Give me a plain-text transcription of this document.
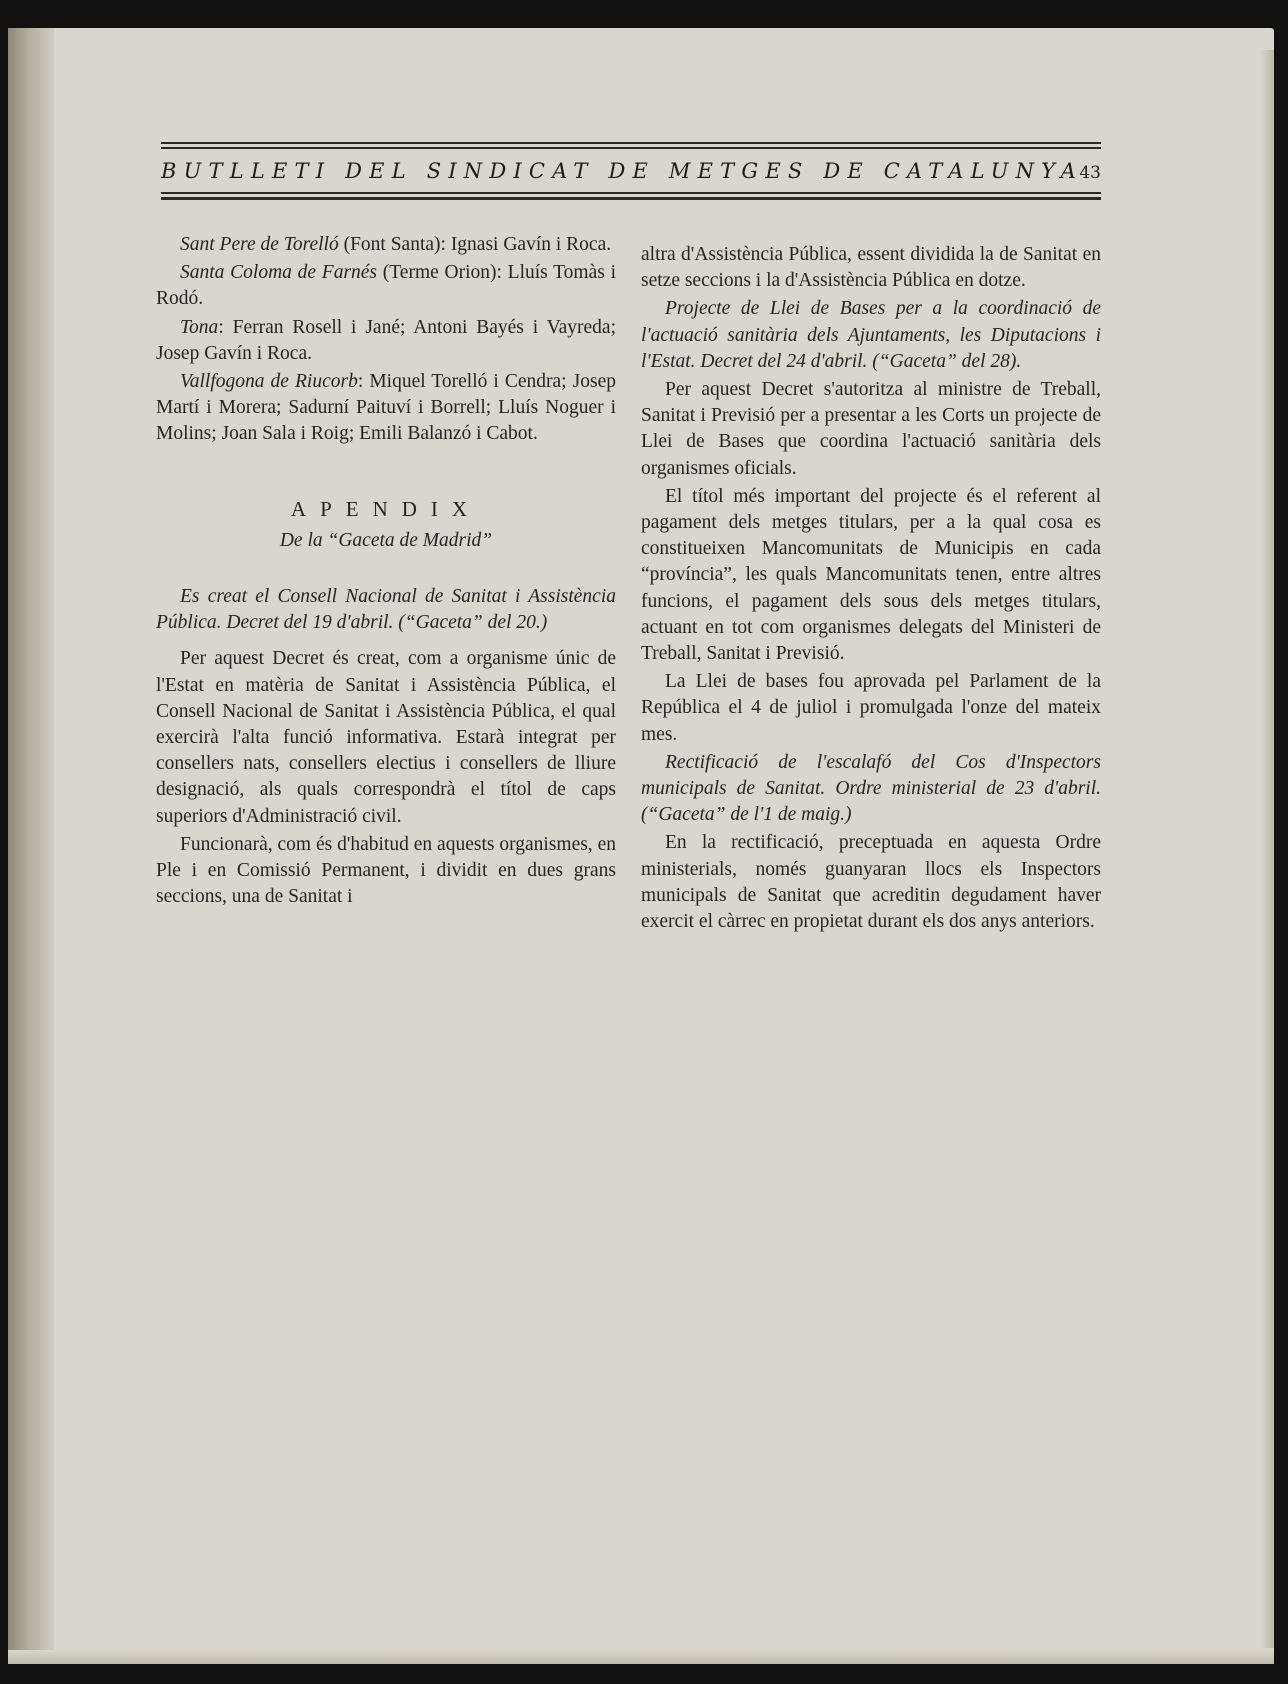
BUTLLETI DEL SINDICAT DE METGES DE CATALUNYA
43

Sant Pere de Torelló (Font Santa): Ignasi Gavín i Roca.

Santa Coloma de Farnés (Terme Orion): Lluís Tomàs i Rodó.

Tona: Ferran Rosell i Jané; Antoni Bayés i Vayreda; Josep Gavín i Roca.

Vallfogona de Riucorb: Miquel Torelló i Cendra; Josep Martí i Morera; Sadurní Paituví i Borrell; Lluís Noguer i Molins; Joan Sala i Roig; Emili Balanzó i Cabot.

APENDIX

De la “Gaceta de Madrid”

Es creat el Consell Nacional de Sanitat i Assistència Pública. Decret del 19 d'abril. (“Gaceta” del 20.)

Per aquest Decret és creat, com a organisme únic de l'Estat en matèria de Sanitat i Assistència Pública, el Consell Nacional de Sanitat i Assistència Pública, el qual exercirà l'alta funció informativa. Estarà integrat per consellers nats, consellers electius i consellers de lliure designació, als quals correspondrà el títol de caps superiors d'Administració civil.

Funcionarà, com és d'habitud en aquests organismes, en Ple i en Comissió Permanent, i dividit en dues grans seccions, una de Sanitat i

altra d'Assistència Pública, essent dividida la de Sanitat en setze seccions i la d'Assistència Pública en dotze.

Projecte de Llei de Bases per a la coordinació de l'actuació sanitària dels Ajuntaments, les Diputacions i l'Estat. Decret del 24 d'abril. (“Gaceta” del 28).

Per aquest Decret s'autoritza al ministre de Treball, Sanitat i Previsió per a presentar a les Corts un projecte de Llei de Bases que coordina l'actuació sanitària dels organismes oficials.

El títol més important del projecte és el referent al pagament dels metges titulars, per a la qual cosa es constitueixen Mancomunitats de Municipis en cada “província”, les quals Mancomunitats tenen, entre altres funcions, el pagament dels sous dels metges titulars, actuant en tot com organismes delegats del Ministeri de Treball, Sanitat i Previsió.

La Llei de bases fou aprovada pel Parlament de la República el 4 de juliol i promulgada l'onze del mateix mes.

Rectificació de l'escalafó del Cos d'Inspectors municipals de Sanitat. Ordre ministerial de 23 d'abril. (“Gaceta” de l'1 de maig.)

En la rectificació, preceptuada en aquesta Ordre ministerials, només guanyaran llocs els Inspectors municipals de Sanitat que acreditin degudament haver exercit el càrrec en propietat durant els dos anys anteriors.
